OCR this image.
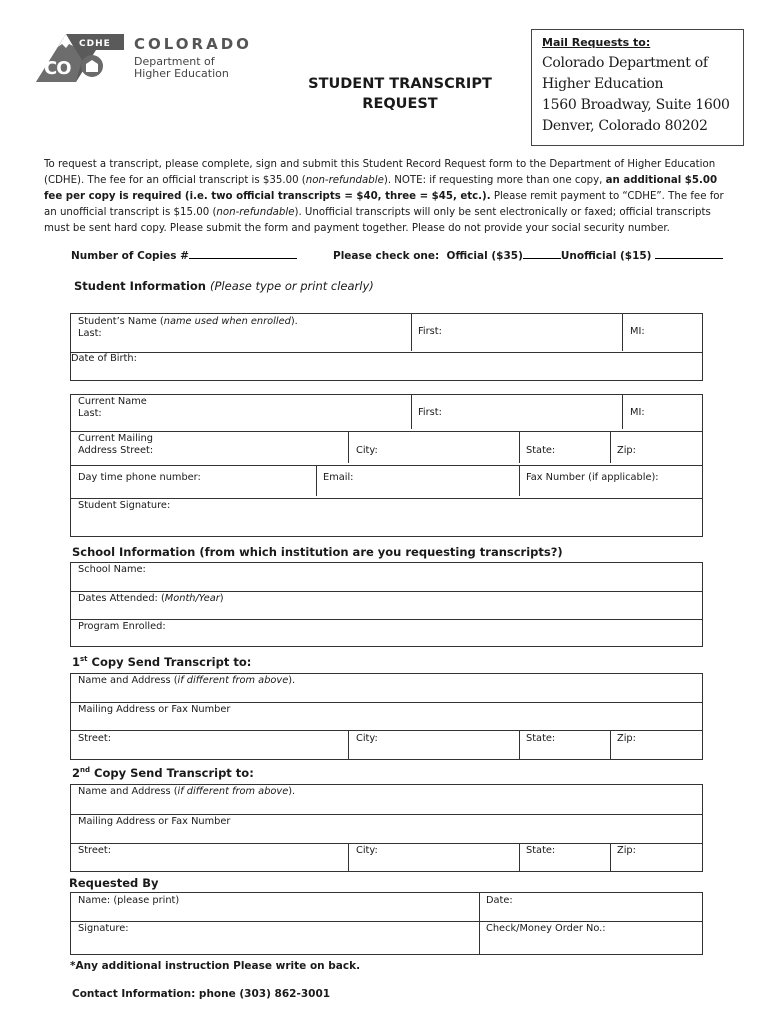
CDHE
CO
COLORADO
Department of
Higher Education
STUDENT TRANSCRIPT
REQUEST
Mail Requests to:
Colorado Department of
Higher Education
1560 Broadway, Suite 1600
Denver, Colorado 80202
To request a transcript, please complete, sign and submit this Student Record Request form to the Department of Higher Education (CDHE). The fee for an official transcript is $35.00 (non-refundable). NOTE: if requesting more than one copy, an additional $5.00 fee per copy is required (i.e. two official transcripts = $40, three = $45, etc.). Please remit payment to “CDHE”. The fee for an unofficial transcript is $15.00 (non-refundable). Unofficial transcripts will only be sent electronically or faxed; official transcripts must be sent hard copy. Please submit the form and payment together. Please do not provide your social security number.
Number of Copies #	Please check one: Official ($35)	Unofficial ($15)
Student Information (Please type or print clearly)
Student’s Name (name used when enrolled).
Last:	First:	MI:
Date of Birth:
Current Name
Last:	First:	MI:
Current Mailing
Address Street:	City:	State:	Zip:
Day time phone number:	Email:	Fax Number (if applicable):
Student Signature:
School Information (from which institution are you requesting transcripts?)
School Name:
Dates Attended: (Month/Year)
Program Enrolled:
1st Copy Send Transcript to:
Name and Address (if different from above).
Mailing Address or Fax Number
Street:	City:	State:	Zip:
2nd Copy Send Transcript to:
Name and Address (if different from above).
Mailing Address or Fax Number
Street:	City:	State:	Zip:
Requested By
Name: (please print)	Date:
Signature:	Check/Money Order No.:
*Any additional instruction Please write on back.
Contact Information: phone (303) 862-3001
